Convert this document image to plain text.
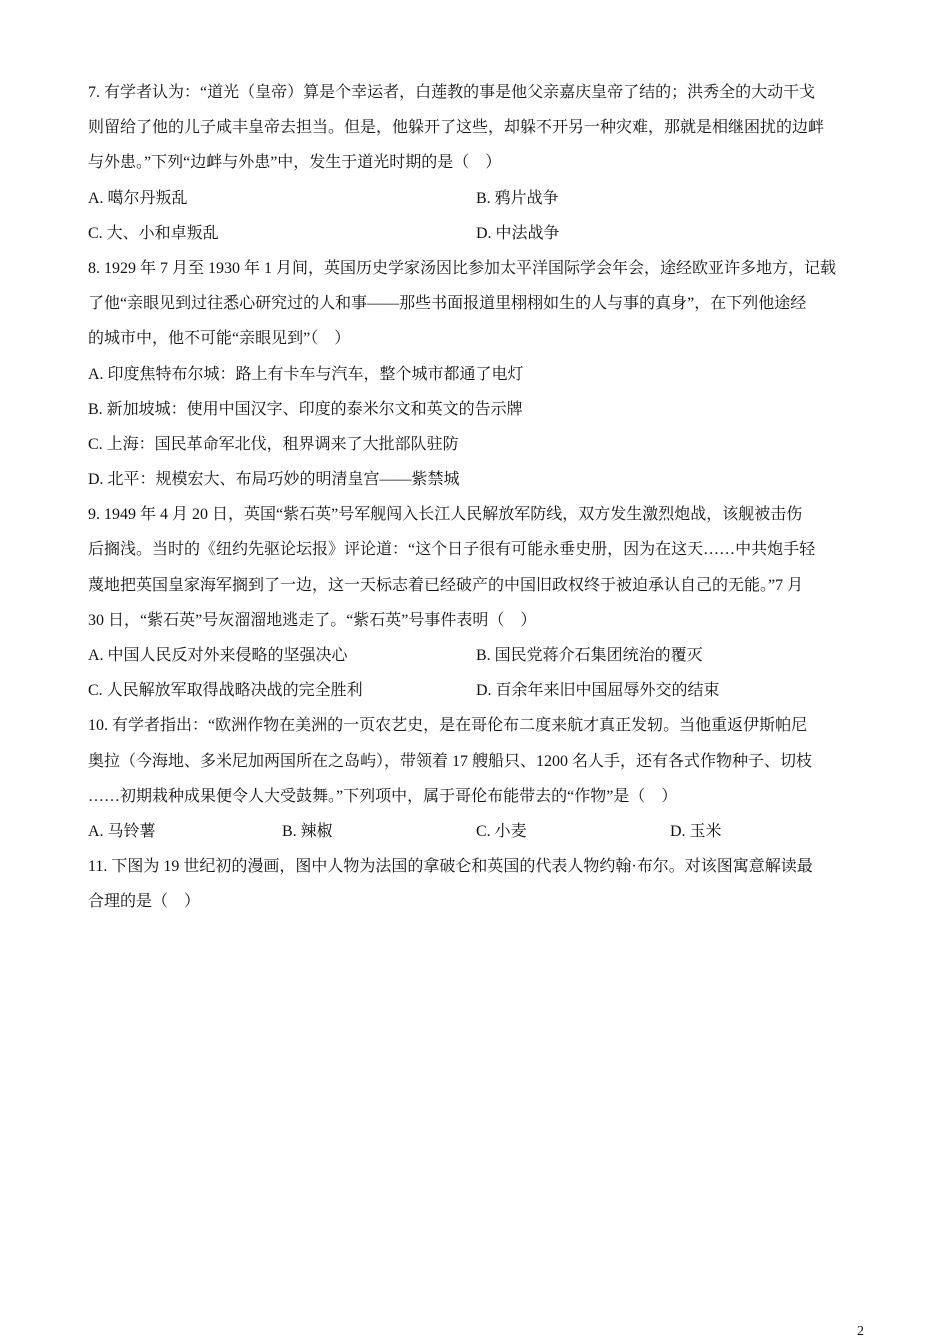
7. 有学者认为：“道光（皇帝）算是个幸运者，白莲教的事是他父亲嘉庆皇帝了结的；洪秀全的大动干戈
则留给了他的儿子咸丰皇帝去担当。但是，他躲开了这些，却躲不开另一种灾难，那就是相继困扰的边衅
与外患。”下列“边衅与外患”中，发生于道光时期的是（　）
A. 噶尔丹叛乱	B. 鸦片战争
C. 大、小和卓叛乱	D. 中法战争
8. 1929 年 7 月至 1930 年 1 月间，英国历史学家汤因比参加太平洋国际学会年会，途经欧亚许多地方，记载
了他“亲眼见到过往悉心研究过的人和事——那些书面报道里栩栩如生的人与事的真身”，在下列他途经
的城市中，他不可能“亲眼见到”（　）
A. 印度焦特布尔城：路上有卡车与汽车，整个城市都通了电灯
B. 新加坡城：使用中国汉字、印度的泰米尔文和英文的告示牌
C. 上海：国民革命军北伐，租界调来了大批部队驻防
D. 北平：规模宏大、布局巧妙的明清皇宫——紫禁城
9. 1949 年 4 月 20 日，英国“紫石英”号军舰闯入长江人民解放军防线，双方发生激烈炮战，该舰被击伤
后搁浅。当时的《纽约先驱论坛报》评论道：“这个日子很有可能永垂史册，因为在这天……中共炮手轻
蔑地把英国皇家海军搁到了一边，这一天标志着已经破产的中国旧政权终于被迫承认自己的无能。”7 月
30 日，“紫石英”号灰溜溜地逃走了。“紫石英”号事件表明（　）
A. 中国人民反对外来侵略的坚强决心	B. 国民党蒋介石集团统治的覆灭
C. 人民解放军取得战略决战的完全胜利	D. 百余年来旧中国屈辱外交的结束
10. 有学者指出：“欧洲作物在美洲的一页农艺史，是在哥伦布二度来航才真正发轫。当他重返伊斯帕尼
奥拉（今海地、多米尼加两国所在之岛屿），带领着 17 艘船只、1200 名人手，还有各式作物种子、切枝
……初期栽种成果便令人大受鼓舞。”下列项中，属于哥伦布能带去的“作物”是（　）
A. 马铃薯	B. 辣椒	C. 小麦	D. 玉米
11. 下图为 19 世纪初的漫画，图中人物为法国的拿破仑和英国的代表人物约翰·布尔。对该图寓意解读最
合理的是（　）
2
